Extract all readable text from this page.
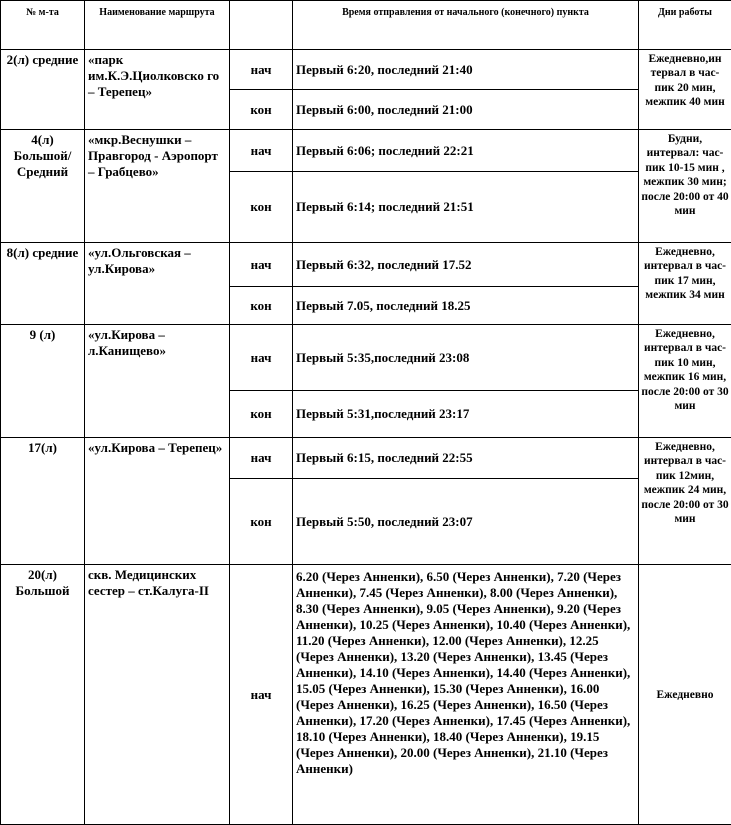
№ м-та	Наименование маршрута		Время отправления от начального (конечного) пункта	Дни работы
2(л) средние	«парк им.К.Э.Циолковско го – Терепец»	нач	Первый 6:20, последний 21:40	Ежедневно,ин тервал в час-пик 20 мин, межпик 40 мин
		кон	Первый 6:00, последний 21:00	
4(л) Большой/ Средний	«мкр.Веснушки – Правгород - Аэропорт – Грабцево»	нач	Первый 6:06; последний 22:21	Будни, интервал: час-пик 10-15 мин , межпик 30 мин; после 20:00 от 40 мин
		кон	Первый 6:14; последний 21:51	
8(л) средние	«ул.Ольговская – ул.Кирова»	нач	Первый 6:32, последний 17.52	Ежедневно, интервал в час-пик 17 мин, межпик 34 мин
		кон	Первый 7.05, последний 18.25	
9 (л)	«ул.Кирова – л.Канищево»	нач	Первый 5:35,последний 23:08	Ежедневно, интервал в час-пик 10 мин, межпик 16 мин, после 20:00 от 30 мин
		кон	Первый 5:31,последний 23:17	
17(л)	«ул.Кирова – Терепец»	нач	Первый 6:15, последний 22:55	Ежедневно, интервал в час-пик 12мин, межпик 24 мин, после 20:00 от 30 мин
		кон	Первый 5:50, последний 23:07	
20(л) Большой	скв. Медицинских сестер – ст.Калуга-II	нач	6.20 (Через Анненки), 6.50 (Через Анненки), 7.20 (Через Анненки), 7.45 (Через Анненки), 8.00 (Через Анненки), 8.30 (Через Анненки), 9.05 (Через Анненки), 9.20 (Через Анненки), 10.25 (Через Анненки), 10.40 (Через Анненки), 11.20 (Через Анненки), 12.00 (Через Анненки), 12.25 (Через Анненки), 13.20 (Через Анненки), 13.45 (Через Анненки), 14.10 (Через Анненки), 14.40 (Через Анненки), 15.05 (Через Анненки), 15.30 (Через Анненки), 16.00 (Через Анненки), 16.25 (Через Анненки), 16.50 (Через Анненки), 17.20 (Через Анненки), 17.45 (Через Анненки), 18.10 (Через Анненки), 18.40 (Через Анненки), 19.15 (Через Анненки), 20.00 (Через Анненки), 21.10 (Через Анненки)	Ежедневно
